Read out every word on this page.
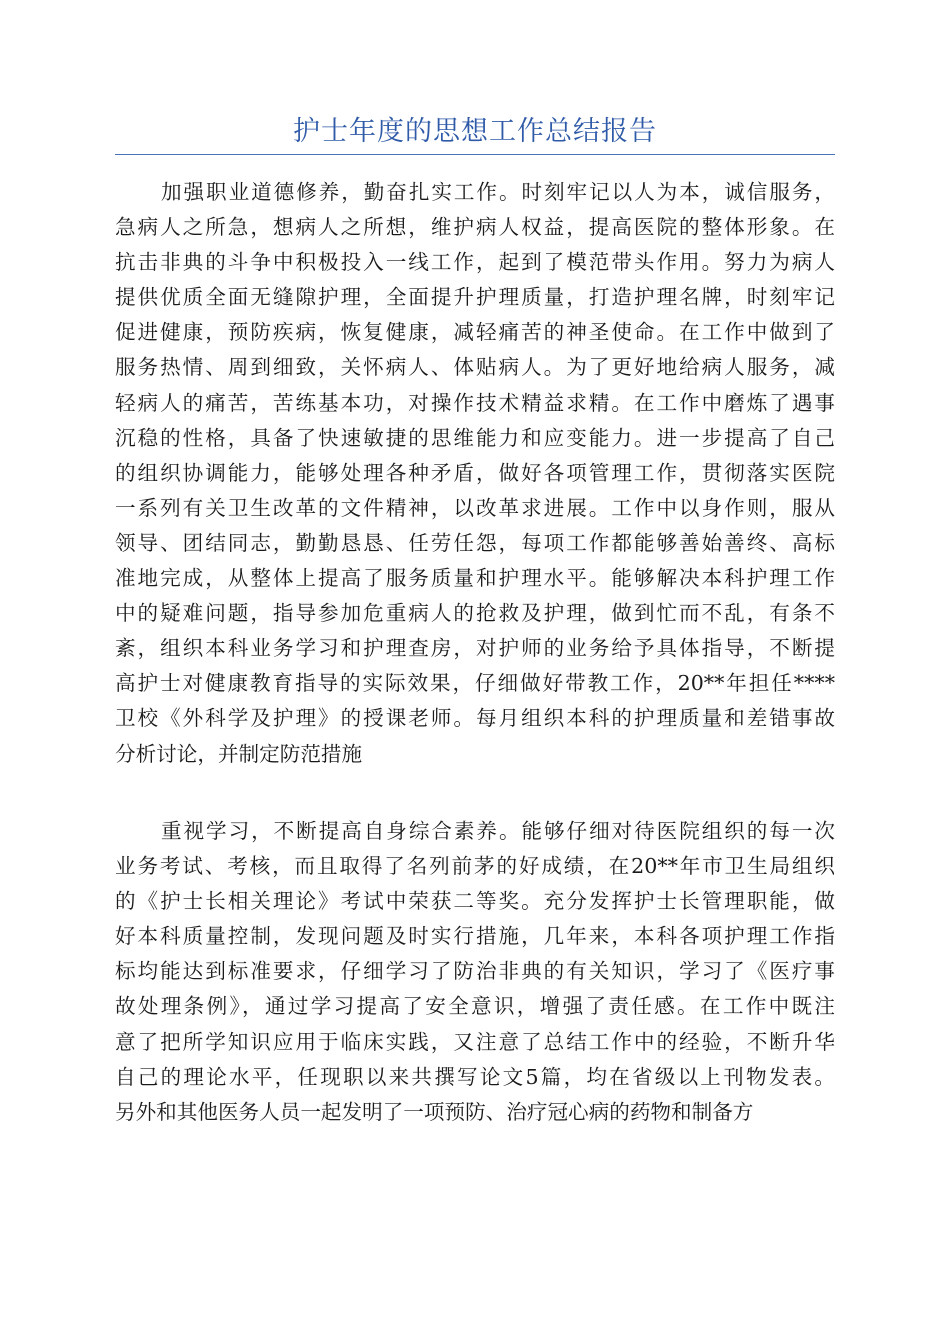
护士年度的思想工作总结报告
加强职业道德修养，勤奋扎实工作。时刻牢记以人为本，诚信服务，
急病人之所急，想病人之所想，维护病人权益，提高医院的整体形象。在
抗击非典的斗争中积极投入一线工作，起到了模范带头作用。努力为病人
提供优质全面无缝隙护理，全面提升护理质量，打造护理名牌，时刻牢记
促进健康，预防疾病，恢复健康，减轻痛苦的神圣使命。在工作中做到了
服务热情、周到细致，关怀病人、体贴病人。为了更好地给病人服务，减
轻病人的痛苦，苦练基本功，对操作技术精益求精。在工作中磨炼了遇事
沉稳的性格，具备了快速敏捷的思维能力和应变能力。进一步提高了自己
的组织协调能力，能够处理各种矛盾，做好各项管理工作，贯彻落实医院
一系列有关卫生改革的文件精神，以改革求进展。工作中以身作则，服从
领导、团结同志，勤勤恳恳、任劳任怨，每项工作都能够善始善终、高标
准地完成，从整体上提高了服务质量和护理水平。能够解决本科护理工作
中的疑难问题，指导参加危重病人的抢救及护理，做到忙而不乱，有条不
紊，组织本科业务学习和护理查房，对护师的业务给予具体指导，不断提
高护士对健康教育指导的实际效果，仔细做好带教工作，20**年担任****
卫校《外科学及护理》的授课老师。每月组织本科的护理质量和差错事故
分析讨论，并制定防范措施
重视学习，不断提高自身综合素养。能够仔细对待医院组织的每一次
业务考试、考核，而且取得了名列前茅的好成绩，在20**年市卫生局组织
的《护士长相关理论》考试中荣获二等奖。充分发挥护士长管理职能，做
好本科质量控制，发现问题及时实行措施，几年来，本科各项护理工作指
标均能达到标准要求，仔细学习了防治非典的有关知识，学习了《医疗事
故处理条例》，通过学习提高了安全意识，增强了责任感。在工作中既注
意了把所学知识应用于临床实践，又注意了总结工作中的经验，不断升华
自己的理论水平，任现职以来共撰写论文5篇，均在省级以上刊物发表。
另外和其他医务人员一起发明了一项预防、治疗冠心病的药物和制备方
